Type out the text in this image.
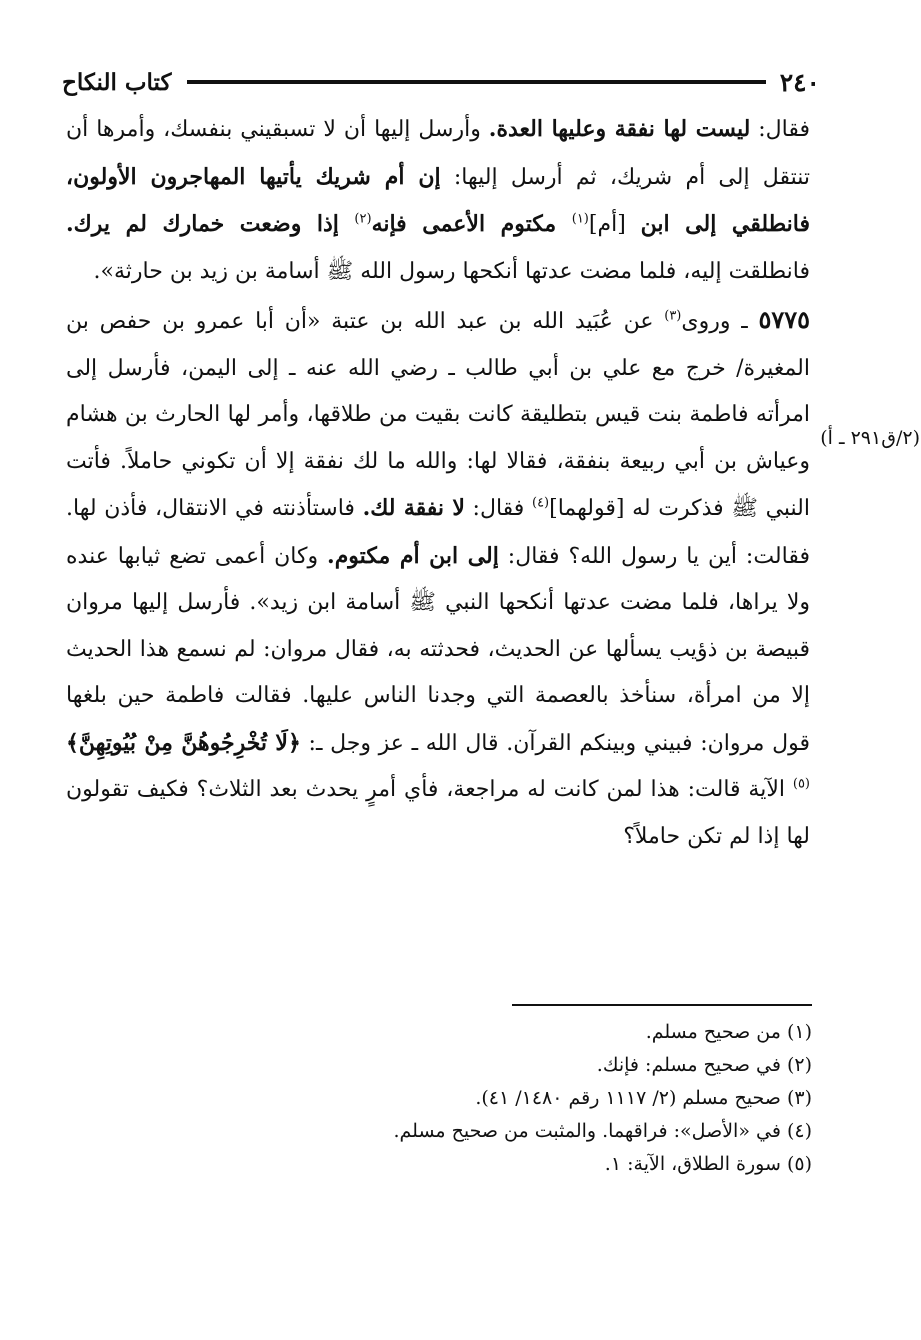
٢٤٠
كتاب النكاح

فقال: ليست لها نفقة وعليها العدة. وأرسل إليها أن لا تسبقيني بنفسك، وأمرها أن تنتقل إلى أم شريك، ثم أرسل إليها: إن أم شريك يأتيها المهاجرون الأولون، فانطلقي إلى ابن [أم]$^{(١)}$ مكتوم الأعمى فإنه$^{(٢)}$ إذا وضعت خمارك لم يرك. فانطلقت إليه، فلما مضت عدتها أنكحها رسول الله ﷺ أسامة بن زيد بن حارثة».

٥٧٧٥ ـ وروى$^{(٣)}$ عن عُبَيد الله بن عبد الله بن عتبة «أن أبا عمرو بن حفص بن المغيرة/ خرج مع علي بن أبي طالب ـ رضي الله عنه ـ إلى اليمن، فأرسل إلى امرأته فاطمة بنت قيس بتطليقة كانت بقيت من طلاقها، وأمر لها الحارث بن هشام وعياش بن أبي ربيعة بنفقة، فقالا لها: والله ما لك نفقة إلا أن تكوني حاملاً. فأتت النبي ﷺ فذكرت له [قولهما]$^{(٤)}$ فقال: لا نفقة لك. فاستأذنته في الانتقال، فأذن لها. فقالت: أين يا رسول الله؟ فقال: إلى ابن أم مكتوم. وكان أعمى تضع ثيابها عنده ولا يراها، فلما مضت عدتها أنكحها النبي ﷺ أسامة ابن زيد». فأرسل إليها مروان قبيصة بن ذؤيب يسألها عن الحديث، فحدثته به، فقال مروان: لم نسمع هذا الحديث إلا من امرأة، سنأخذ بالعصمة التي وجدنا الناس عليها. فقالت فاطمة حين بلغها قول مروان: فبيني وبينكم القرآن. قال الله ـ عز وجل ـ: ﴿لَا تُخْرِجُوهُنَّ مِنْ بُيُوتِهِنَّ﴾$^{(٥)}$ الآية قالت: هذا لمن كانت له مراجعة، فأي أمرٍ يحدث بعد الثلاث؟ فكيف تقولون لها إذا لم تكن حاملاً؟

(٢/ق٢٩١ ـ أ)
(١) من صحيح مسلم.
(٢) في صحيح مسلم: فإنك.
(٣) صحيح مسلم (٢/ ١١١٧ رقم ١٤٨٠/ ٤١).
(٤) في «الأصل»: فراقهما. والمثبت من صحيح مسلم.
(٥) سورة الطلاق، الآية: ١.
